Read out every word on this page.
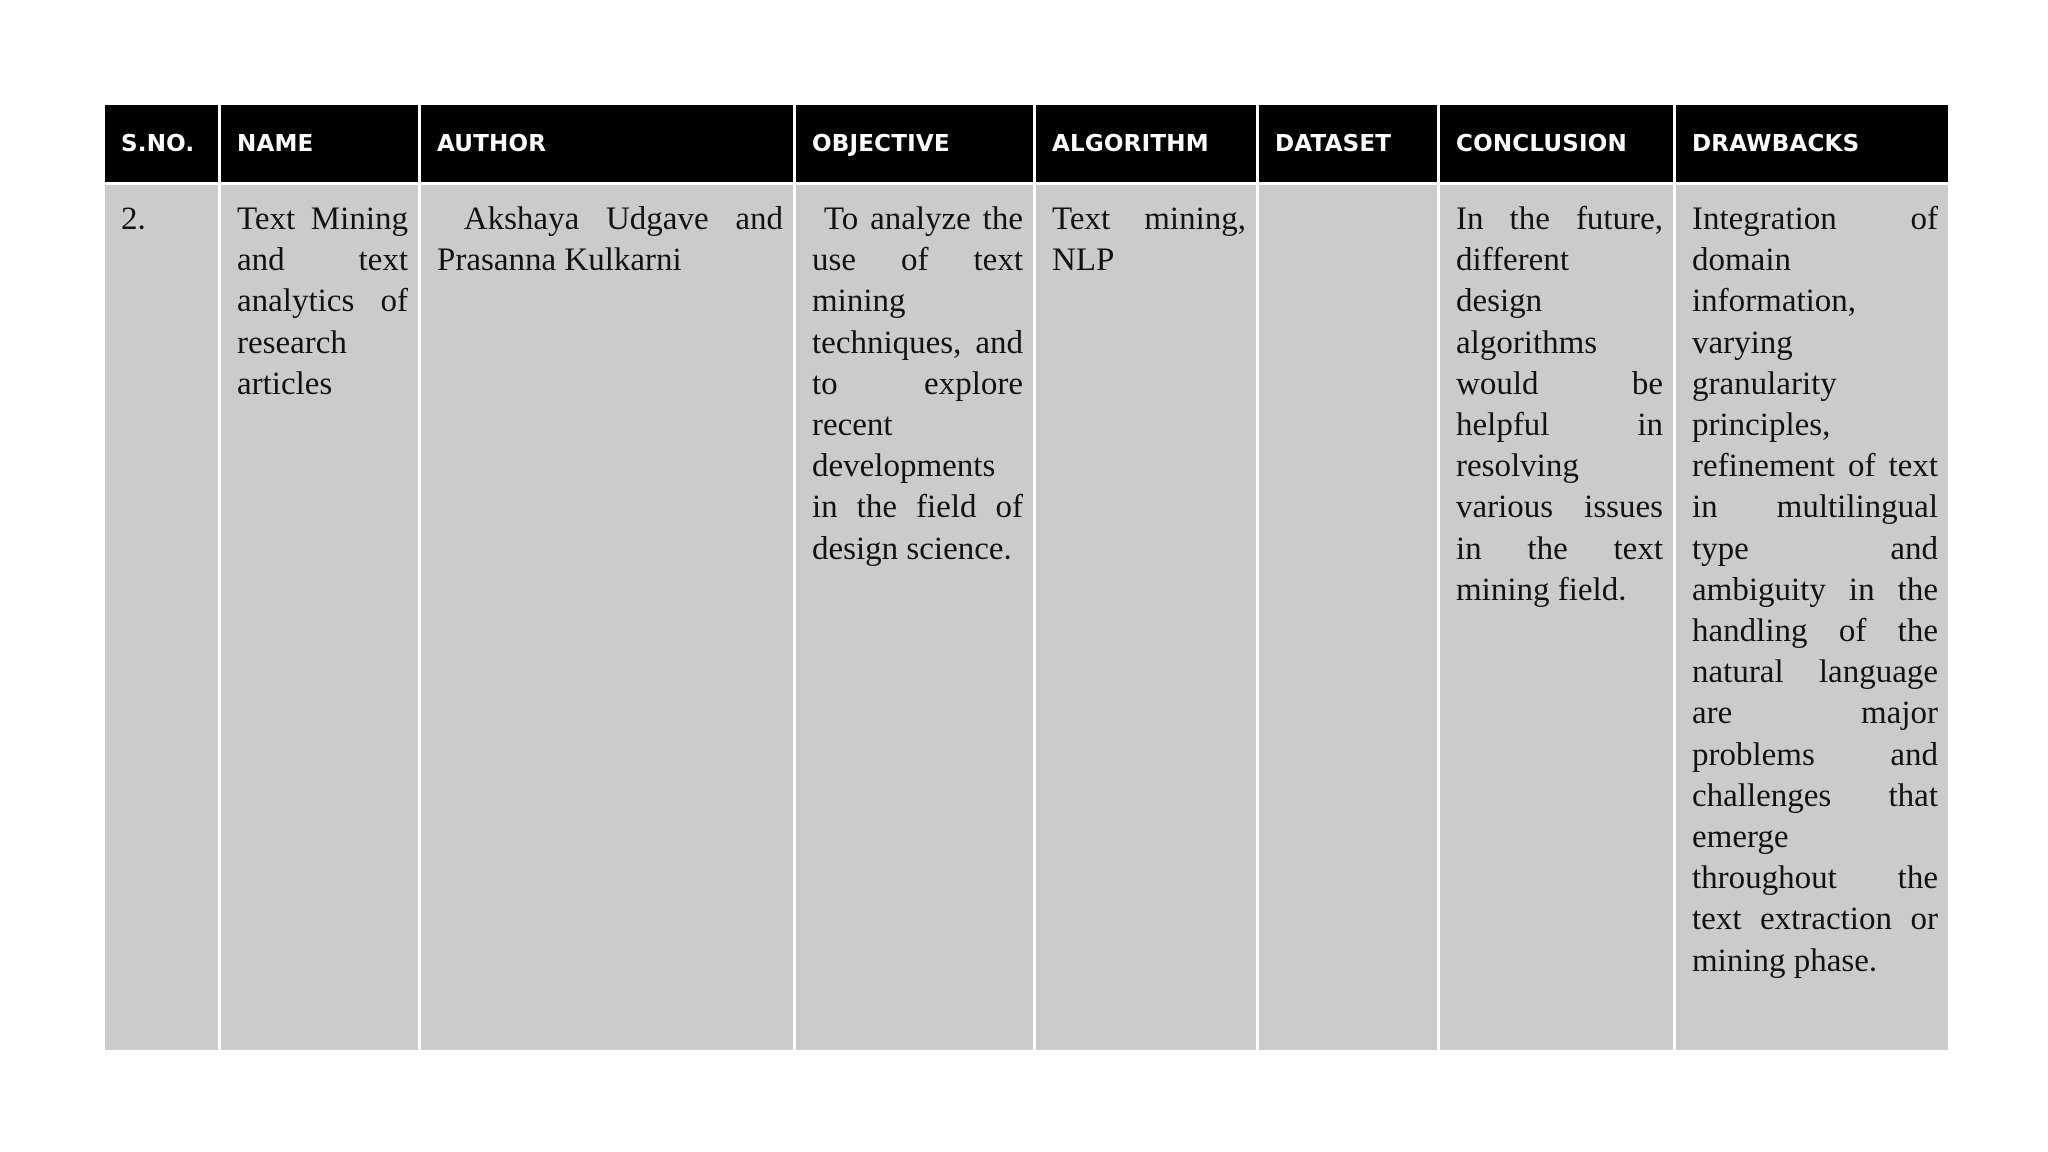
S.NO.	NAME	AUTHOR	OBJECTIVE	ALGORITHM	DATASET	CONCLUSION	DRAWBACKS
2.	Text Mining and text analytics of research articles	Akshaya Udgave and Prasanna Kulkarni	To analyze the use of text mining techniques, and to explore recent developments in the field of design science.	Text mining, NLP		In the future, different design algorithms would be helpful in resolving various issues in the text mining field.	Integration of domain information, varying granularity principles, refinement of text in multilingual type and ambiguity in the handling of the natural language are major problems and challenges that emerge throughout the text extraction or mining phase.
